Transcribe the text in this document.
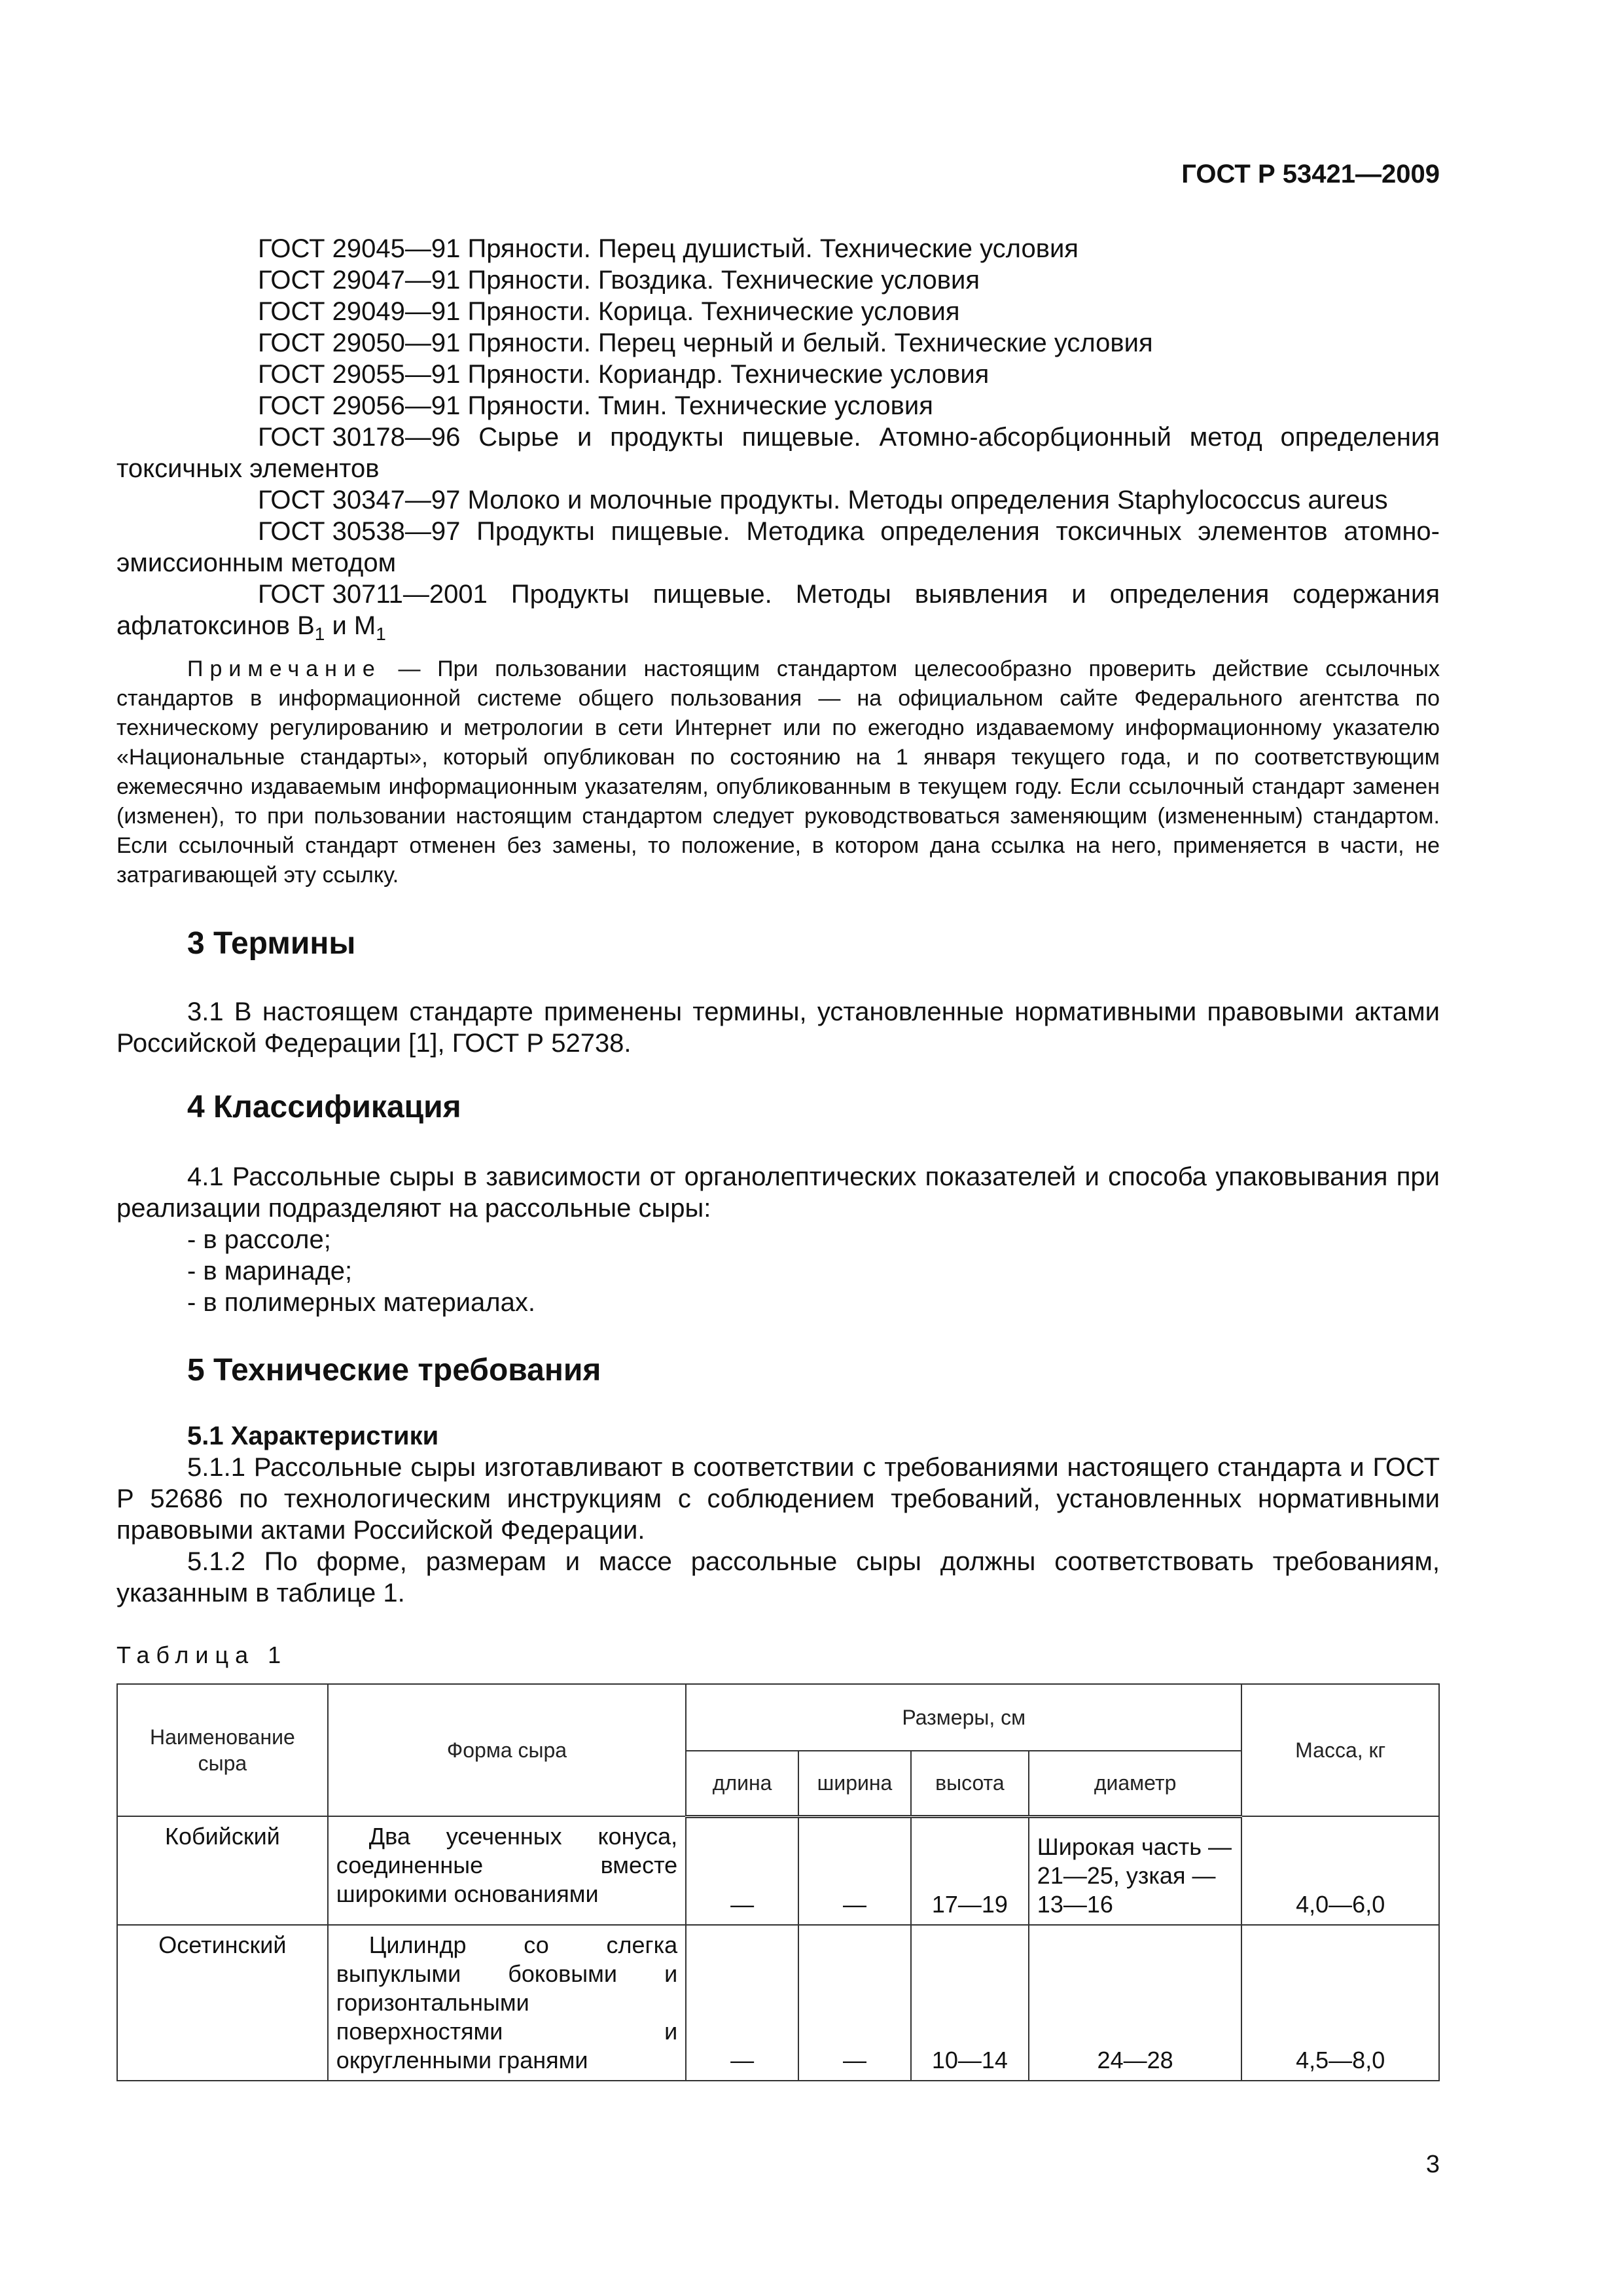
ГОСТ Р 53421—2009

ГОСТ 29045—91 Пряности. Перец душистый. Технические условия

ГОСТ 29047—91 Пряности. Гвоздика. Технические условия

ГОСТ 29049—91 Пряности. Корица. Технические условия

ГОСТ 29050—91 Пряности. Перец черный и белый. Технические условия

ГОСТ 29055—91 Пряности. Кориандр. Технические условия

ГОСТ 29056—91 Пряности. Тмин. Технические условия

ГОСТ 30178—96 Сырье и продукты пищевые. Атомно-абсорбционный метод определения токсичных элементов

ГОСТ 30347—97 Молоко и молочные продукты. Методы определения Staphylococcus aureus

ГОСТ 30538—97 Продукты пищевые. Методика определения токсичных элементов атомно-эмиссионным методом

ГОСТ 30711—2001 Продукты пищевые. Методы выявления и определения содержания афлатоксинов $B_1$ и $M_1$

Примечание — При пользовании настоящим стандартом целесообразно проверить действие ссылочных стандартов в информационной системе общего пользования — на официальном сайте Федерального агентства по техническому регулированию и метрологии в сети Интернет или по ежегодно издаваемому информационному указателю «Национальные стандарты», который опубликован по состоянию на 1 января текущего года, и по соответствующим ежемесячно издаваемым информационным указателям, опубликованным в текущем году. Если ссылочный стандарт заменен (изменен), то при пользовании настоящим стандартом следует руководствоваться заменяющим (измененным) стандартом. Если ссылочный стандарт отменен без замены, то положение, в котором дана ссылка на него, применяется в части, не затрагивающей эту ссылку.
3 Термины

3.1 В настоящем стандарте применены термины, установленные нормативными правовыми актами Российской Федерации [1], ГОСТ Р 52738.

4 Классификация

4.1 Рассольные сыры в зависимости от органолептических показателей и способа упаковывания при реализации подразделяют на рассольные сыры:

- в рассоле;

- в маринаде;

- в полимерных материалах.

5 Технические требования

5.1 Характеристики

5.1.1 Рассольные сыры изготавливают в соответствии с требованиями настоящего стандарта и ГОСТ Р 52686 по технологическим инструкциям с соблюдением требований, установленных нормативными правовыми актами Российской Федерации.

5.1.2 По форме, размерам и массе рассольные сыры должны соответствовать требованиям, указанным в таблице 1.

Таблица 1
Наименование сыра	Форма сыра	Размеры, см				Масса, кг
		длина	ширина	высота	диаметр	
Кобийский	Два усеченных конуса, соединенные вместе широкими основаниями	—	—	17—19	Широкая часть — 21—25, узкая — 13—16	4,0—6,0
Осетинский	Цилиндр со слегка выпуклыми боковыми и горизонтальными поверхностями и округленными гранями	—	—	10—14	24—28	4,5—8,0
3
